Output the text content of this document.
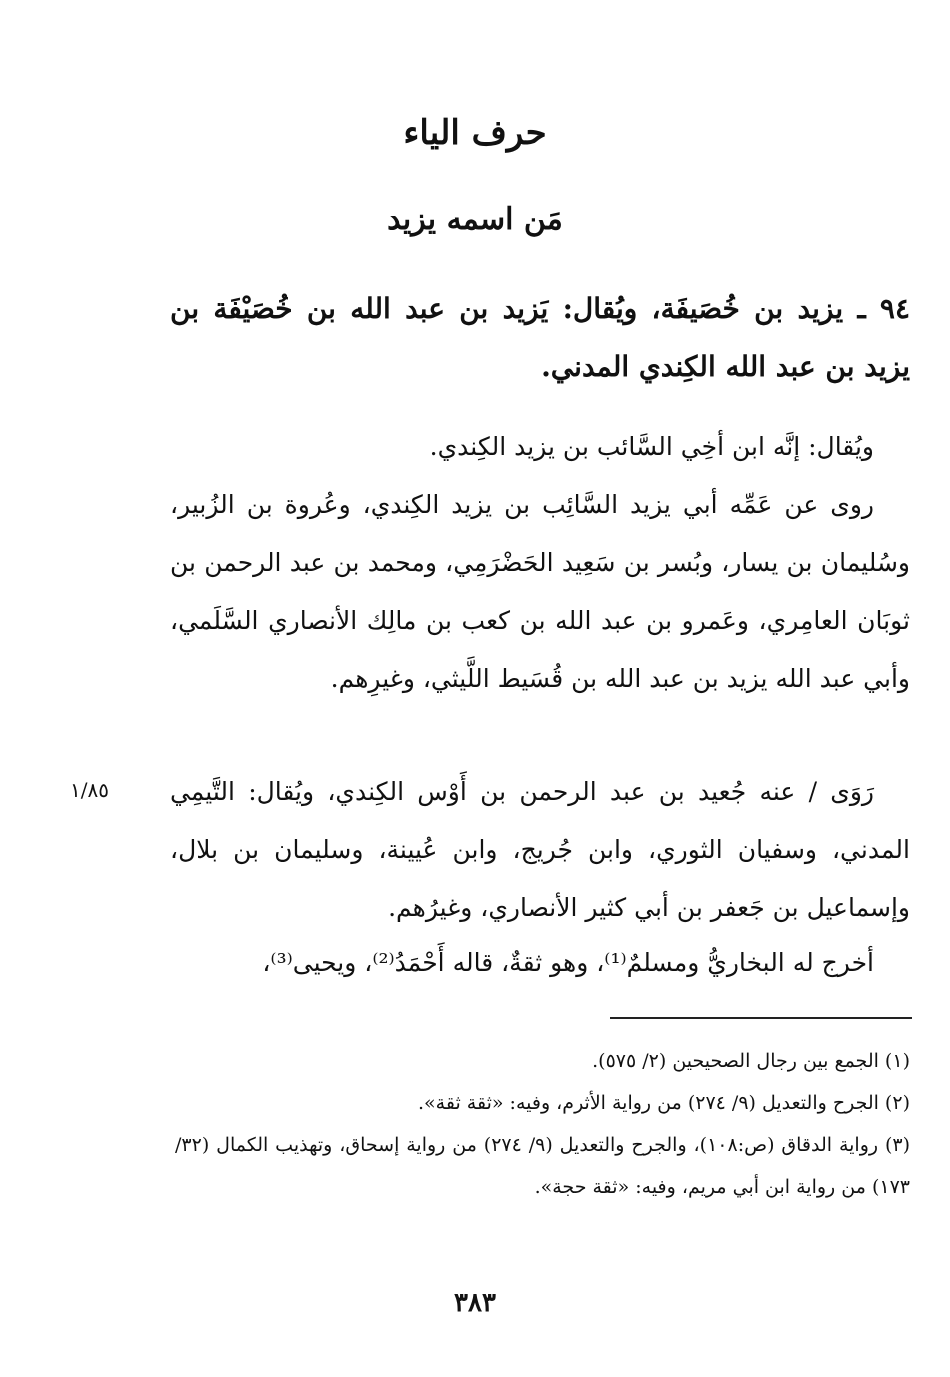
حرف الياء
مَن اسمه يزيد
٩٤ ـ يزيد بن خُصَيفَة، ويُقال: يَزيد بن عبد الله بن خُصَيْفَة بن يزيد بن عبد الله الكِندي المدني.
ويُقال: إنَّه ابن أخِي السَّائب بن يزيد الكِندي.
روى عن عَمِّه أبي يزيد السَّائِب بن يزيد الكِندي، وعُروة بن الزُبير، وسُليمان بن يسار، وبُسر بن سَعِيد الحَضْرَمِي، ومحمد بن عبد الرحمن بن ثوبَان العامِري، وعَمرو بن عبد الله بن كعب بن مالِك الأنصاري السَّلَمي، وأبي عبد الله يزيد بن عبد الله بن قُسَيط اللَّيثي، وغيرِهم.
رَوَى / عنه جُعيد بن عبد الرحمن بن أَوْس الكِندي، ويُقال: التَّيمِي المدني، وسفيان الثوري، وابن جُريج، وابن عُيينة، وسليمان بن بلال، وإسماعيل بن جَعفر بن أبي كثير الأنصاري، وغيرُهم.
أخرج له البخاريُّ ومسلمٌ⁽¹⁾، وهو ثقةٌ، قاله أَحْمَدُ⁽²⁾، ويحيى⁽³⁾،
١/٨٥

(١) الجمع بين رجال الصحيحين (٢/ ٥٧٥).

(٢) الجرح والتعديل (٩/ ٢٧٤) من رواية الأثرم، وفيه: «ثقة ثقة».

(٣) رواية الدقاق (ص:١٠٨)، والجرح والتعديل (٩/ ٢٧٤) من رواية إسحاق، وتهذيب الكمال (٣٢/ ١٧٣) من رواية ابن أبي مريم، وفيه: «ثقة حجة».

٣٨٣
